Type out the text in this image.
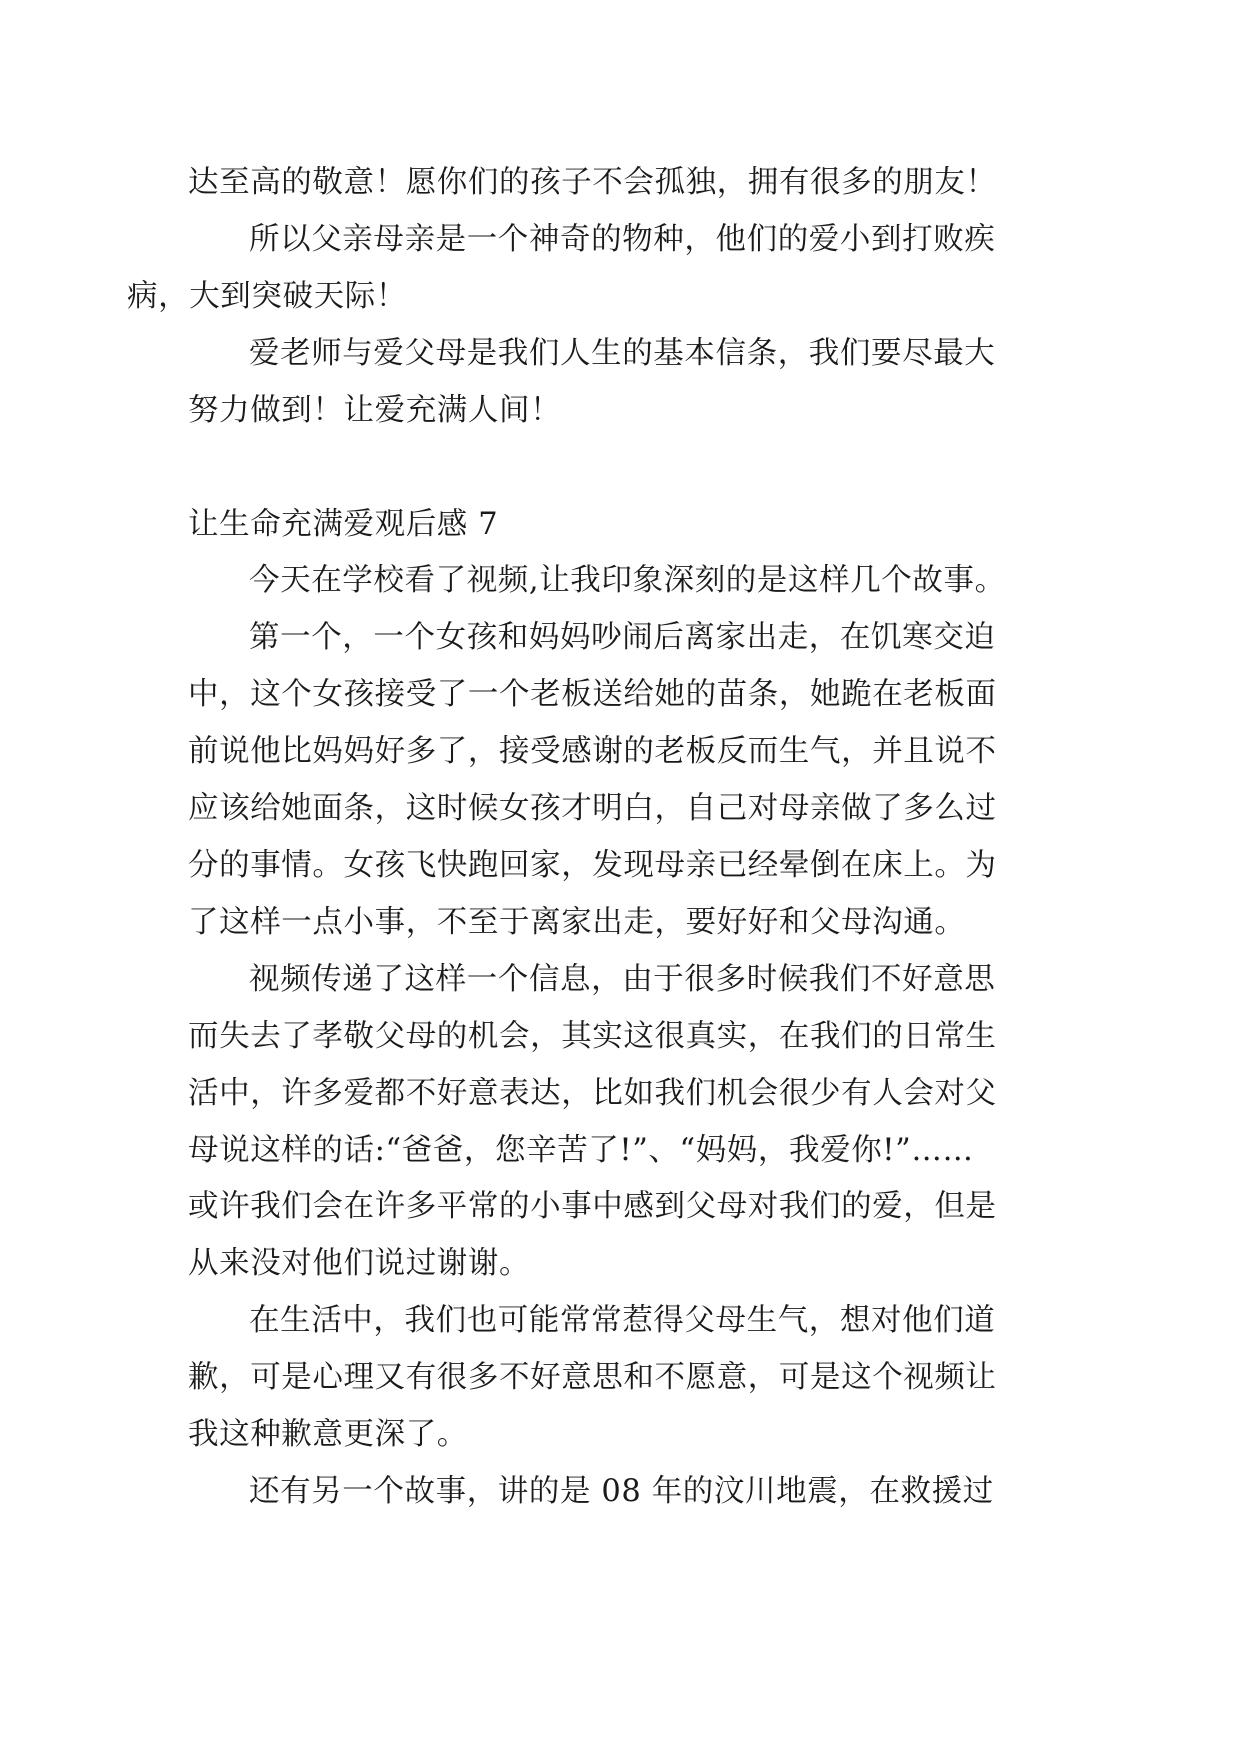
达至高的敬意！愿你们的孩子不会孤独，拥有很多的朋友！

所以父亲母亲是一个神奇的物种，他们的爱小到打败疾
病，大到突破天际！

爱老师与爱父母是我们人生的基本信条，我们要尽最大
努力做到！让爱充满人间！

让生命充满爱观后感 7

今天在学校看了视频,让我印象深刻的是这样几个故事。

第一个，一个女孩和妈妈吵闹后离家出走，在饥寒交迫
中，这个女孩接受了一个老板送给她的苗条，她跪在老板面
前说他比妈妈好多了，接受感谢的老板反而生气，并且说不
应该给她面条，这时候女孩才明白，自己对母亲做了多么过
分的事情。女孩飞快跑回家，发现母亲已经晕倒在床上。为
了这样一点小事，不至于离家出走，要好好和父母沟通。

视频传递了这样一个信息，由于很多时候我们不好意思
而失去了孝敬父母的机会，其实这很真实，在我们的日常生
活中，许多爱都不好意表达，比如我们机会很少有人会对父
母说这样的话:“爸爸，您辛苦了!”、“妈妈，我爱你!”……
或许我们会在许多平常的小事中感到父母对我们的爱，但是
从来没对他们说过谢谢。

在生活中，我们也可能常常惹得父母生气，想对他们道
歉，可是心理又有很多不好意思和不愿意，可是这个视频让
我这种歉意更深了。

还有另一个故事，讲的是 08 年的汶川地震，在救援过
